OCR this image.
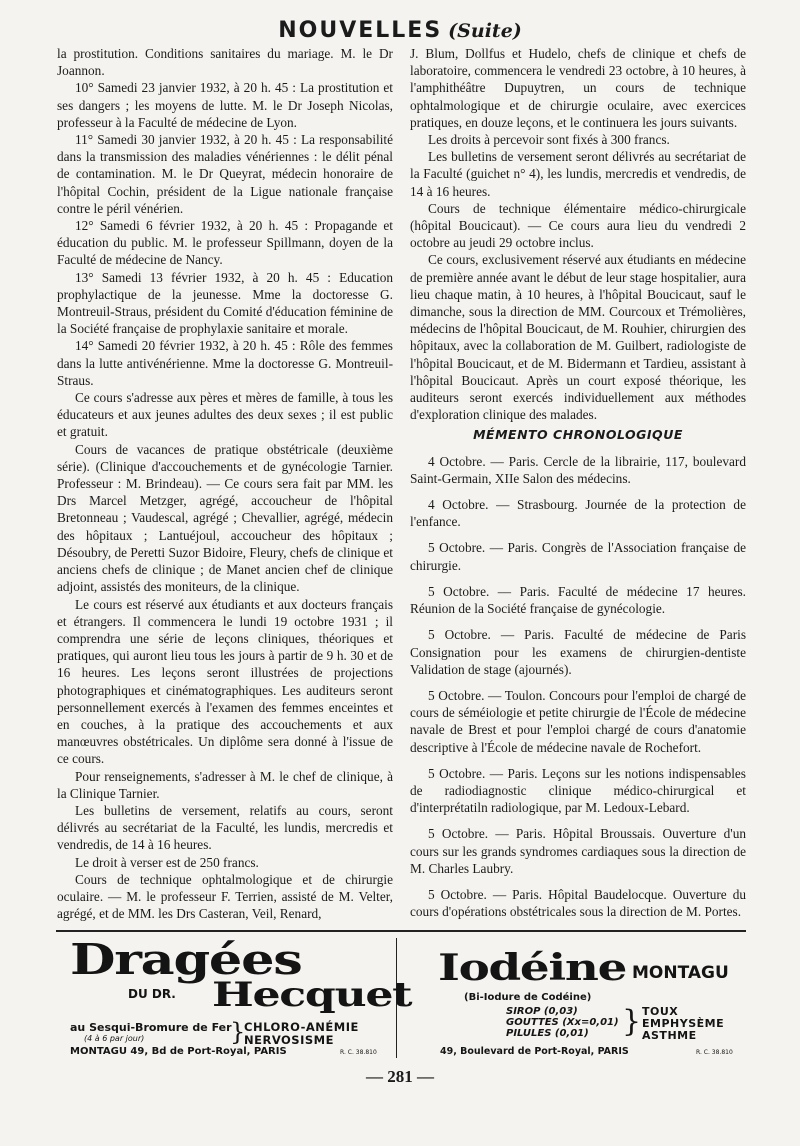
NOUVELLES (Suite)

la prostitution. Conditions sanitaires du mariage. M. le Dr Joannon.

10° Samedi 23 janvier 1932, à 20 h. 45 : La prostitution et ses dangers ; les moyens de lutte. M. le Dr Joseph Nicolas, professeur à la Faculté de médecine de Lyon.

11° Samedi 30 janvier 1932, à 20 h. 45 : La responsabilité dans la transmission des maladies vénériennes : le délit pénal de contamination. M. le Dr Queyrat, médecin honoraire de l'hôpital Cochin, président de la Ligue nationale française contre le péril vénérien.

12° Samedi 6 février 1932, à 20 h. 45 : Propagande et éducation du public. M. le professeur Spillmann, doyen de la Faculté de médecine de Nancy.

13° Samedi 13 février 1932, à 20 h. 45 : Education prophylactique de la jeunesse. Mme la doctoresse G. Montreuil-Straus, président du Comité d'éducation féminine de la Société française de prophylaxie sanitaire et morale.

14° Samedi 20 février 1932, à 20 h. 45 : Rôle des femmes dans la lutte antivénérienne. Mme la doctoresse G. Montreuil-Straus.

Ce cours s'adresse aux pères et mères de famille, à tous les éducateurs et aux jeunes adultes des deux sexes ; il est public et gratuit.

Cours de vacances de pratique obstétricale (deuxième série). (Clinique d'accouchements et de gynécologie Tarnier. Professeur : M. Brindeau). — Ce cours sera fait par MM. les Drs Marcel Metzger, agrégé, accoucheur de l'hôpital Bretonneau ; Vaudescal, agrégé ; Chevallier, agrégé, médecin des hôpitaux ; Lantuéjoul, accoucheur des hôpitaux ; Désoubry, de Peretti Suzor Bidoire, Fleury, chefs de clinique et anciens chefs de clinique ; de Manet ancien chef de clinique adjoint, assistés des moniteurs, de la clinique.

Le cours est réservé aux étudiants et aux docteurs français et étrangers. Il commencera le lundi 19 octobre 1931 ; il comprendra une série de leçons cliniques, théoriques et pratiques, qui auront lieu tous les jours à partir de 9 h. 30 et de 16 heures. Les leçons seront illustrées de projections photographiques et cinématographiques. Les auditeurs seront personnellement exercés à l'examen des femmes enceintes et en couches, à la pratique des accouchements et aux manœuvres obstétricales. Un diplôme sera donné à l'issue de ce cours.

Pour renseignements, s'adresser à M. le chef de clinique, à la Clinique Tarnier.

Les bulletins de versement, relatifs au cours, seront délivrés au secrétariat de la Faculté, les lundis, mercredis et vendredis, de 14 à 16 heures.

Le droit à verser est de 250 francs.

Cours de technique ophtalmologique et de chirurgie oculaire. — M. le professeur F. Terrien, assisté de M. Velter, agrégé, et de MM. les Drs Casteran, Veil, Renard,

J. Blum, Dollfus et Hudelo, chefs de clinique et chefs de laboratoire, commencera le vendredi 23 octobre, à 10 heures, à l'amphithéâtre Dupuytren, un cours de technique ophtalmologique et de chirurgie oculaire, avec exercices pratiques, en douze leçons, et le continuera les jours suivants.

Les droits à percevoir sont fixés à 300 francs.

Les bulletins de versement seront délivrés au secrétariat de la Faculté (guichet n° 4), les lundis, mercredis et vendredis, de 14 à 16 heures.

Cours de technique élémentaire médico-chirurgicale (hôpital Boucicaut). — Ce cours aura lieu du vendredi 2 octobre au jeudi 29 octobre inclus.

Ce cours, exclusivement réservé aux étudiants en médecine de première année avant le début de leur stage hospitalier, aura lieu chaque matin, à 10 heures, à l'hôpital Boucicaut, sauf le dimanche, sous la direction de MM. Courcoux et Trémolières, médecins de l'hôpital Boucicaut, de M. Rouhier, chirurgien des hôpitaux, avec la collaboration de M. Guilbert, radiologiste de l'hôpital Boucicaut, et de M. Bidermann et Tardieu, assistant à l'hôpital Boucicaut. Après un court exposé théorique, les auditeurs seront exercés individuellement aux méthodes d'exploration clinique des malades.

MÉMENTO CHRONOLOGIQUE

4 Octobre. — Paris. Cercle de la librairie, 117, boulevard Saint-Germain, XIIe Salon des médecins.

4 Octobre. — Strasbourg. Journée de la protection de l'enfance.

5 Octobre. — Paris. Congrès de l'Association française de chirurgie.

5 Octobre. — Paris. Faculté de médecine 17 heures. Réunion de la Société française de gynécologie.

5 Octobre. — Paris. Faculté de médecine de Paris Consignation pour les examens de chirurgien-dentiste Validation de stage (ajournés).

5 Octobre. — Toulon. Concours pour l'emploi de chargé de cours de séméiologie et petite chirurgie de l'École de médecine navale de Brest et pour l'emploi chargé de cours d'anatomie descriptive à l'École de médecine navale de Rochefort.

5 Octobre. — Paris. Leçons sur les notions indispensables de radiodiagnostic clinique médico-chirurgical et d'interprétatiln radiologique, par M. Ledoux-Lebard.

5 Octobre. — Paris. Hôpital Broussais. Ouverture d'un cours sur les grands syndromes cardiaques sous la direction de M. Charles Laubry.

5 Octobre. — Paris. Hôpital Baudelocque. Ouverture du cours d'opérations obstétricales sous la direction de M. Portes.

Dragées
DU DR. Hecquet
au Sesqui-Bromure de Fer
(4 à 6 par jour)	}
CHLORO-ANÉMIE
NERVOSISME
MONTAGU 49, Bd de Port-Royal, PARIS	R. C. 38.810
Iodéine MONTAGU
(Bi-Iodure de Codéine)
SIROP (0,03)
GOUTTES (Xx=0,01)
PILULES (0,01)	} TOUX
EMPHYSÈME
ASTHME
49, Boulevard de Port-Royal, PARIS	R. C. 38.810
— 281 —
